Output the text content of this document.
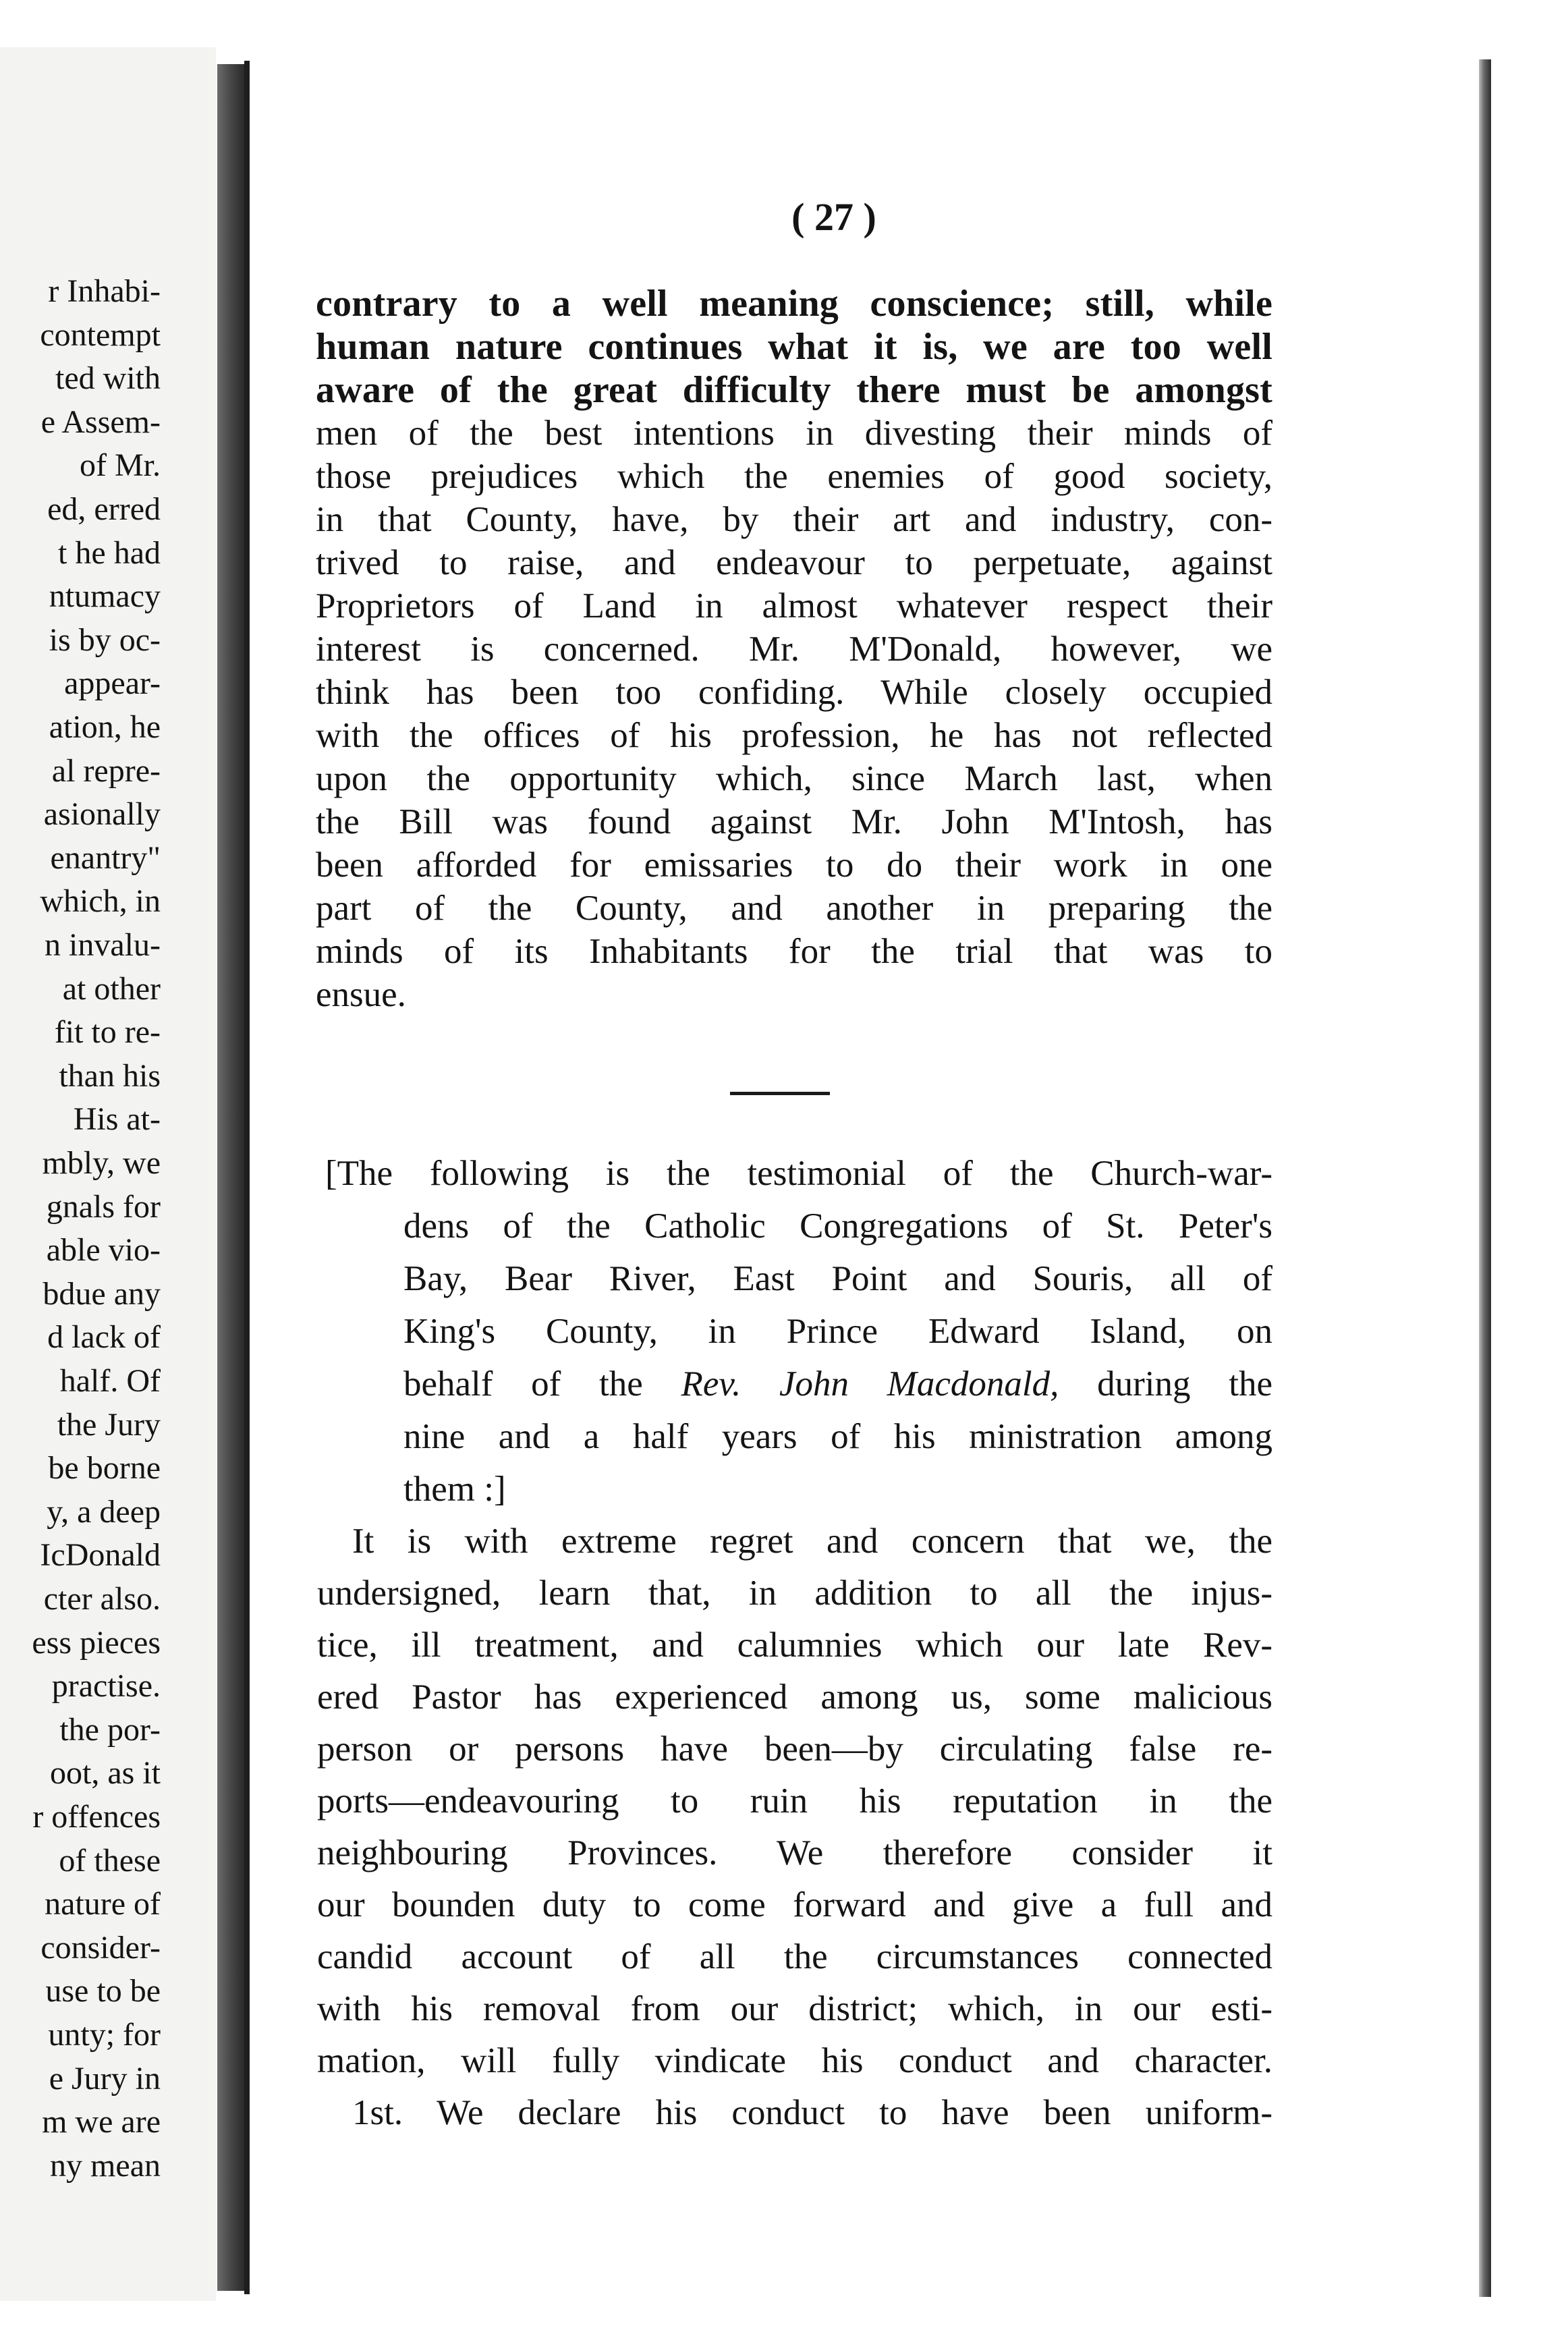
r Inhabi-
contempt
ted with
e Assem-
of Mr.
ed, erred
t he had
ntumacy
is by oc-
appear-
ation, he
al repre-
asionally
enantry"
which, in
n invalu-
at other
fit to re-
than his
His at-
mbly, we
gnals for
able vio-
bdue any
d lack of
half. Of
the Jury
be borne
y, a deep
IcDonald
cter also.
ess pieces
practise.
the por-
oot, as it
r offences
of these
nature of
consider-
use to be
unty; for
e Jury in
m we are
ny mean
( 27 )
contrary to a well meaning conscience; still, while
human nature continues what it is, we are too well
aware of the great difficulty there must be amongst
men of the best intentions in divesting their minds of
those prejudices which the enemies of good society,
in that County, have, by their art and industry, con-
trived to raise, and endeavour to perpetuate, against
Proprietors of Land in almost whatever respect their
interest is concerned. Mr. M'Donald, however, we
think has been too confiding. While closely occupied
with the offices of his profession, he has not reflected
upon the opportunity which, since March last, when
the Bill was found against Mr. John M'Intosh, has
been afforded for emissaries to do their work in one
part of the County, and another in preparing the
minds of its Inhabitants for the trial that was to
ensue.
[The following is the testimonial of the Church-war-
dens of the Catholic Congregations of St. Peter's
Bay, Bear River, East Point and Souris, all of
King's County, in Prince Edward Island, on
behalf of the Rev. John Macdonald, during the
nine and a half years of his ministration among
them :]
It is with extreme regret and concern that we, the
undersigned, learn that, in addition to all the injus-
tice, ill treatment, and calumnies which our late Rev-
ered Pastor has experienced among us, some malicious
person or persons have been—by circulating false re-
ports—endeavouring to ruin his reputation in the
neighbouring Provinces. We therefore consider it
our bounden duty to come forward and give a full and
candid account of all the circumstances connected
with his removal from our district; which, in our esti-
mation, will fully vindicate his conduct and character.
1st. We declare his conduct to have been uniform-
